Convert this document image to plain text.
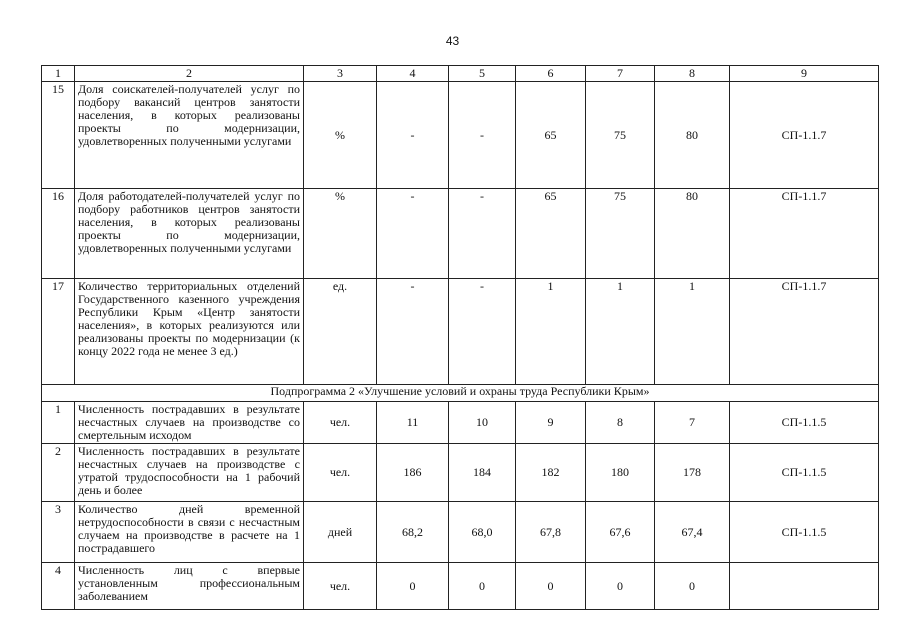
43
1	2	3	4	5	6	7	8	9
15	Доля соискателей-получателей услуг по подбору вакансий центров занятости населения, в которых реализованы проекты по модернизации, удовлетворенных полученными услугами	%	-	-	65	75	80	СП-1.1.7
16	Доля работодателей-получателей услуг по подбору работников центров занятости населения, в которых реализованы проекты по модернизации, удовлетворенных полученными услугами	%	-	-	65	75	80	СП-1.1.7
17	Количество территориальных отделений Государственного казенного учреждения Республики Крым «Центр занятости населения», в которых реализуются или реализованы проекты по модернизации (к концу 2022 года не менее 3 ед.)	ед.	-	-	1	1	1	СП-1.1.7
Подпрограмма 2 «Улучшение условий и охраны труда Республики Крым»								
1	Численность пострадавших в результате несчастных случаев на производстве со смертельным исходом	чел.	11	10	9	8	7	СП-1.1.5
2	Численность пострадавших в результате несчастных случаев на производстве с утратой трудоспособности на 1 рабочий день и более	чел.	186	184	182	180	178	СП-1.1.5
3	Количество дней временной нетрудоспособности в связи с несчастным случаем на производстве в расчете на 1 пострадавшего	дней	68,2	68,0	67,8	67,6	67,4	СП-1.1.5
4	Численность лиц с впервые установленным профессиональным заболеванием	чел.	0	0	0	0	0	
